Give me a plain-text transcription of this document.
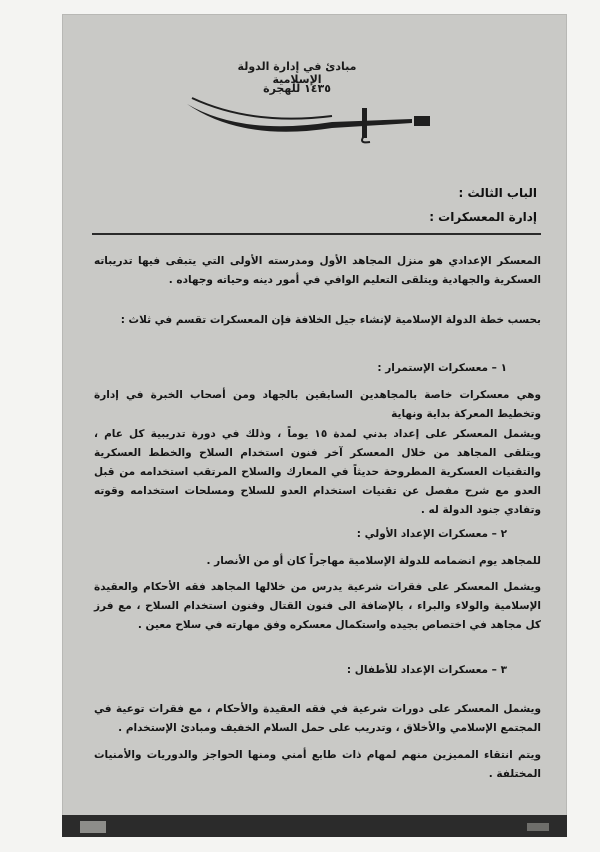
مبادئ في إدارة الدولة الإسلامية
١٤٣٥ للهجرة
الباب الثالث :
إدارة المعسكرات :
المعسكر الإعدادي هو منزل المجاهد الأول ومدرسته الأولى التي يتبقى فيها تدريباته العسكرية والجهادية ويتلقى التعليم الوافي في أمور دينه وحياته وجهاده .
بحسب خطة الدولة الإسلامية لإنشاء جيل الخلافة فإن المعسكرات تقسم في ثلاث :
١ – معسكرات الإستمرار :
وهي معسكرات خاصة بالمجاهدين السابقين بالجهاد ومن أصحاب الخبرة في إدارة وتخطيط المعركة بداية ونهاية
ويشمل المعسكر على إعداد بدني لمدة ١٥ يوماً ، وذلك في دورة تدريبية كل عام ، ويتلقى المجاهد من خلال المعسكر آخر فنون استخدام السلاح والخطط العسكرية والتقنيات العسكرية المطروحة حديثاً في المعارك والسلاح المرتقب استخدامه من قبل العدو مع شرح مفصل عن تقنيات استخدام العدو للسلاح ومسلحات استخدامه وقوته وتفادي جنود الدولة له .
٢ – معسكرات الإعداد الأولي :
للمجاهد يوم انضمامه للدولة الإسلامية مهاجراً كان أو من الأنصار .
ويشمل المعسكر على فقرات شرعية يدرس من خلالها المجاهد فقه الأحكام والعقيدة الإسلامية والولاء والبراء ، بالإضافة الى فنون القتال وفنون استخدام السلاح ، مع فرز كل مجاهد في اختصاص بجيده واستكمال معسكره وفق مهارته في سلاح معين .
٣ – معسكرات الإعداد للأطفال :
ويشمل المعسكر على دورات شرعية في فقه العقيدة والأحكام ، مع فقرات توعية في المجتمع الإسلامي والأخلاق ، وتدريب على حمل السلام الخفيف ومبادئ الإستخدام .
ويتم انتقاء المميزين منهم لمهام ذات طابع أمني ومنها الحواجز والدوريات والأمنيات المختلفة .
